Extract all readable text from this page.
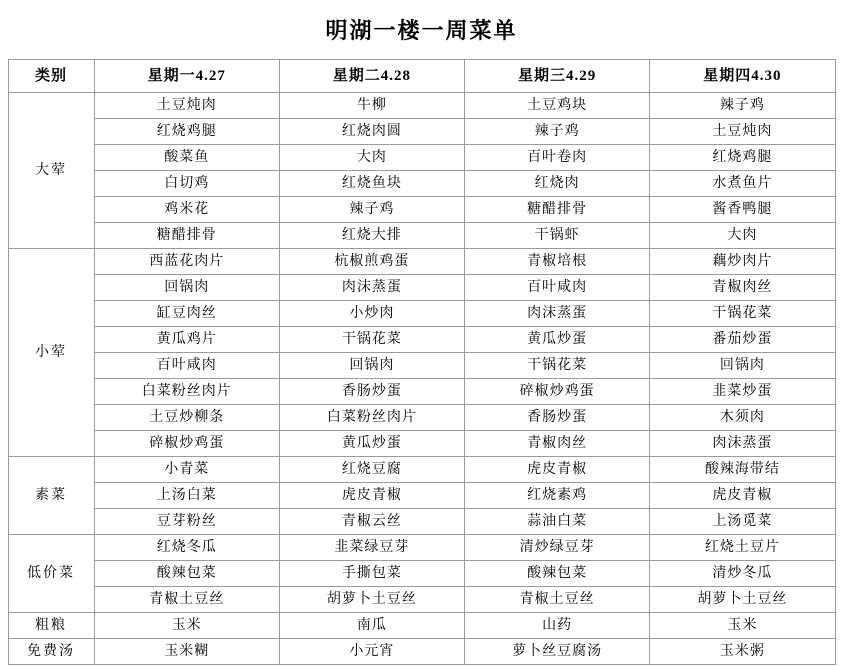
明湖一楼一周菜单
类别	星期一4.27	星期二4.28	星期三4.29	星期四4.30
大荤	土豆炖肉	牛柳	土豆鸡块	辣子鸡
	红烧鸡腿	红烧肉圆	辣子鸡	土豆炖肉
	酸菜鱼	大肉	百叶卷肉	红烧鸡腿
	白切鸡	红烧鱼块	红烧肉	水煮鱼片
	鸡米花	辣子鸡	糖醋排骨	酱香鸭腿
	糖醋排骨	红烧大排	干锅虾	大肉
小荤	西蓝花肉片	杭椒煎鸡蛋	青椒培根	藕炒肉片
	回锅肉	肉沫蒸蛋	百叶咸肉	青椒肉丝
	缸豆肉丝	小炒肉	肉沫蒸蛋	干锅花菜
	黄瓜鸡片	干锅花菜	黄瓜炒蛋	番茄炒蛋
	百叶咸肉	回锅肉	干锅花菜	回锅肉
	白菜粉丝肉片	香肠炒蛋	碎椒炒鸡蛋	韭菜炒蛋
	土豆炒柳条	白菜粉丝肉片	香肠炒蛋	木须肉
	碎椒炒鸡蛋	黄瓜炒蛋	青椒肉丝	肉沫蒸蛋
素菜	小青菜	红烧豆腐	虎皮青椒	酸辣海带结
	上汤白菜	虎皮青椒	红烧素鸡	虎皮青椒
	豆芽粉丝	青椒云丝	蒜油白菜	上汤觅菜
低价菜	红烧冬瓜	韭菜绿豆芽	清炒绿豆芽	红烧土豆片
	酸辣包菜	手撕包菜	酸辣包菜	清炒冬瓜
	青椒土豆丝	胡萝卜土豆丝	青椒土豆丝	胡萝卜土豆丝
粗粮	玉米	南瓜	山药	玉米
免费汤	玉米糊	小元宵	萝卜丝豆腐汤	玉米粥
